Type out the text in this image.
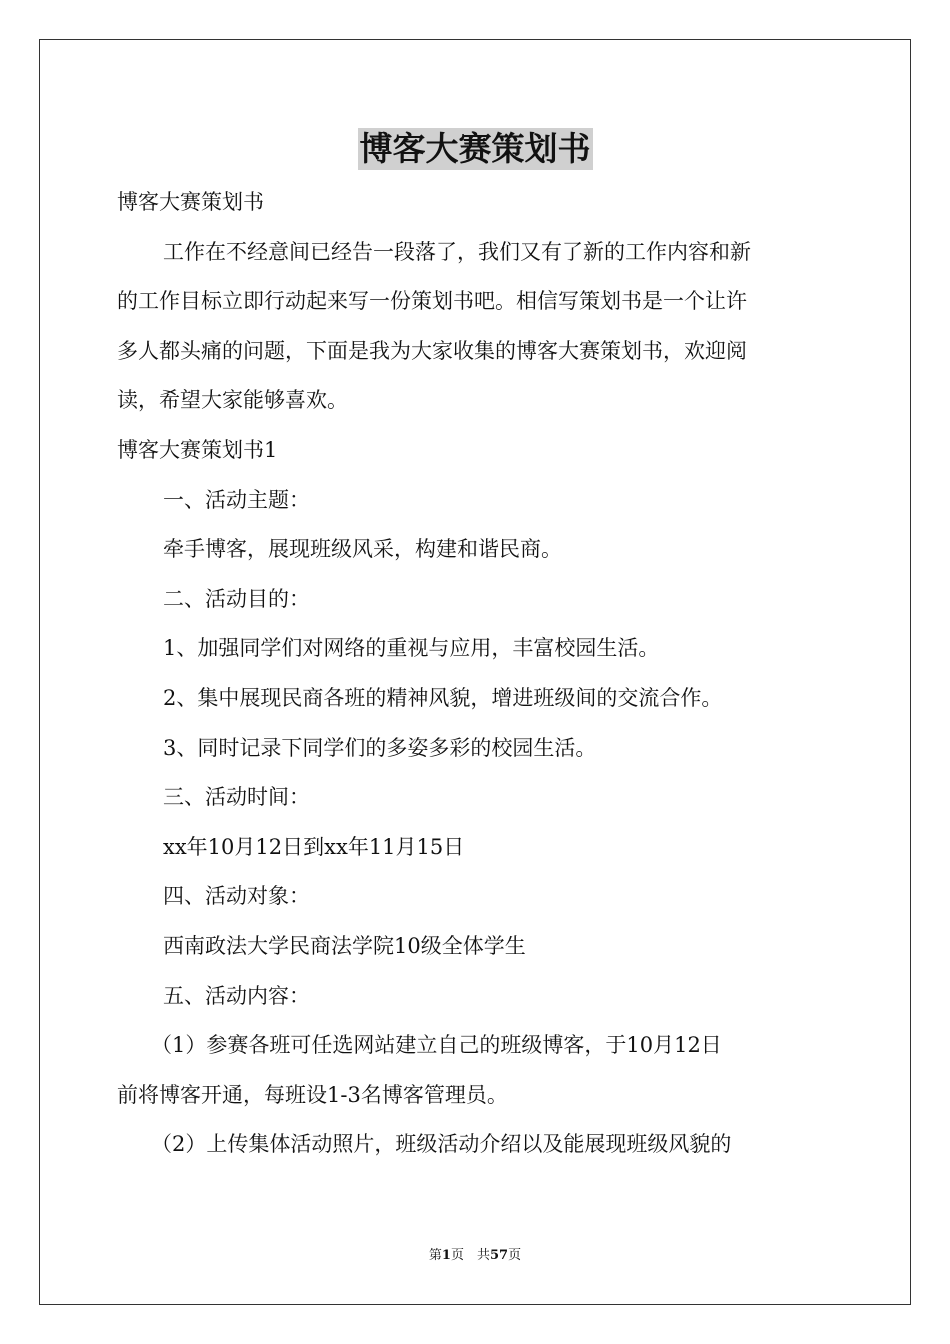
博客大赛策划书

博客大赛策划书

工作在不经意间已经告一段落了，我们又有了新的工作内容和新

的工作目标立即行动起来写一份策划书吧。相信写策划书是一个让许

多人都头痛的问题，下面是我为大家收集的博客大赛策划书，欢迎阅

读，希望大家能够喜欢。

博客大赛策划书1

一、活动主题：

牵手博客，展现班级风采，构建和谐民商。

二、活动目的：

1、加强同学们对网络的重视与应用，丰富校园生活。

2、集中展现民商各班的精神风貌，增进班级间的交流合作。

3、同时记录下同学们的多姿多彩的校园生活。

三、活动时间：

xx年10月12日到xx年11月15日

四、活动对象：

西南政法大学民商法学院10级全体学生

五、活动内容：

（1）参赛各班可任选网站建立自己的班级博客，于10月12日

前将博客开通，每班设1-3名博客管理员。

（2）上传集体活动照片，班级活动介绍以及能展现班级风貌的

第1页　共57页
